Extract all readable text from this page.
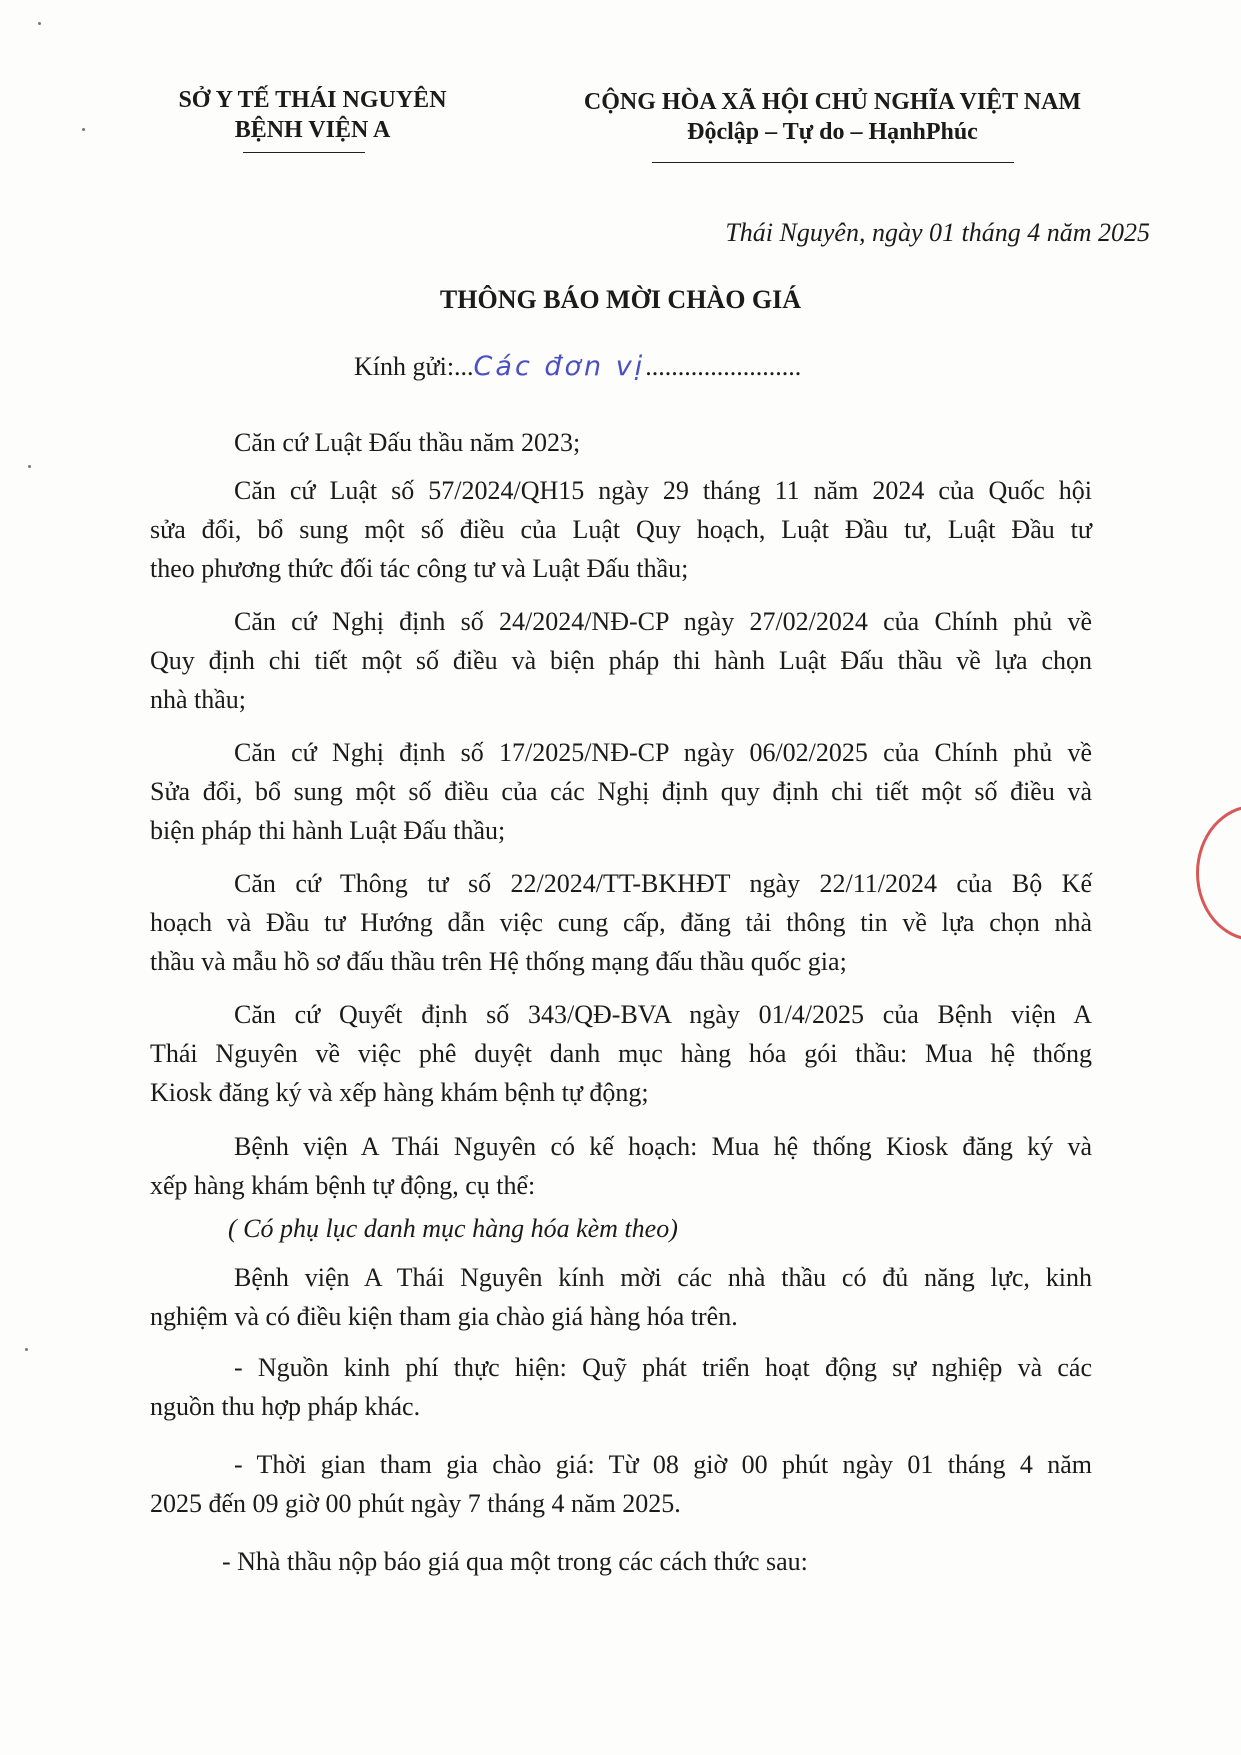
SỞ Y TẾ THÁI NGUYÊN
BỆNH VIỆN A
CỘNG HÒA XÃ HỘI CHỦ NGHĨA VIỆT NAM
Độclập – Tự do – HạnhPhúc
Thái Nguyên, ngày 01 tháng 4 năm 2025
THÔNG BÁO MỜI CHÀO GIÁ
Kính gửi:...Các đơn vị........................

Căn cứ Luật Đấu thầu năm 2023;

Căn cứ Luật số 57/2024/QH15 ngày 29 tháng 11 năm 2024 của Quốc hội

sửa đổi, bổ sung một số điều của Luật Quy hoạch, Luật Đầu tư, Luật Đầu tư

theo phương thức đối tác công tư và Luật Đấu thầu;

Căn cứ Nghị định số 24/2024/NĐ-CP ngày 27/02/2024 của Chính phủ về

Quy định chi tiết một số điều và biện pháp thi hành Luật Đấu thầu về lựa chọn

nhà thầu;

Căn cứ Nghị định số 17/2025/NĐ-CP ngày 06/02/2025 của Chính phủ về

Sửa đổi, bổ sung một số điều của các Nghị định quy định chi tiết một số điều và

biện pháp thi hành Luật Đấu thầu;

Căn cứ Thông tư số 22/2024/TT-BKHĐT ngày 22/11/2024 của Bộ Kế

hoạch và Đầu tư Hướng dẫn việc cung cấp, đăng tải thông tin về lựa chọn nhà

thầu và mẫu hồ sơ đấu thầu trên Hệ thống mạng đấu thầu quốc gia;

Căn cứ Quyết định số 343/QĐ-BVA ngày 01/4/2025 của Bệnh viện A

Thái Nguyên về việc phê duyệt danh mục hàng hóa gói thầu: Mua hệ thống

Kiosk đăng ký và xếp hàng khám bệnh tự động;

Bệnh viện A Thái Nguyên có kế hoạch: Mua hệ thống Kiosk đăng ký và

xếp hàng khám bệnh tự động, cụ thể:

( Có phụ lục danh mục hàng hóa kèm theo)

Bệnh viện A Thái Nguyên kính mời các nhà thầu có đủ năng lực, kinh

nghiệm và có điều kiện tham gia chào giá hàng hóa trên.

- Nguồn kinh phí thực hiện: Quỹ phát triển hoạt động sự nghiệp và các

nguồn thu hợp pháp khác.

- Thời gian tham gia chào giá: Từ 08 giờ 00 phút ngày 01 tháng 4 năm

2025 đến 09 giờ 00 phút ngày 7 tháng 4 năm 2025.

- Nhà thầu nộp báo giá qua một trong các cách thức sau:
